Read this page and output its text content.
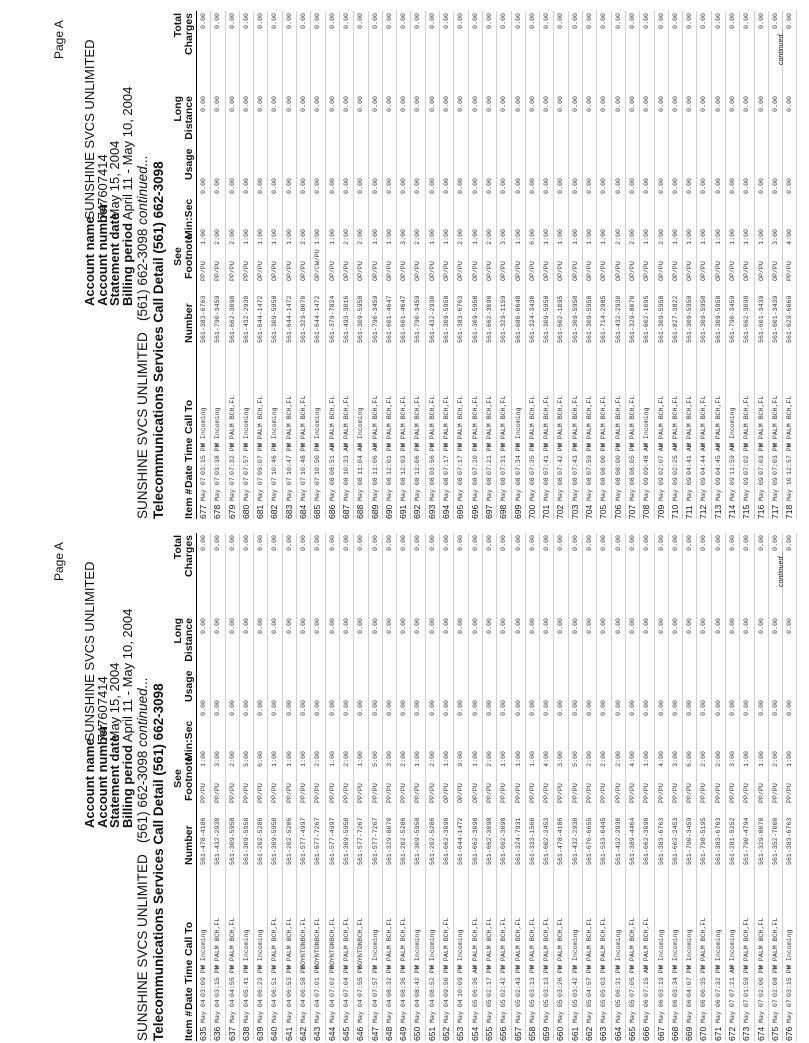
Page A
Account name SUNSHINE SVCS UNLIMITED
Account number 747607414
Statement date May 15, 2004
Billing period April 11 - May 10, 2004
SUNSHINE SVCS UNLIMITED   (561) 662-3098 continued... Telecommunications Services Call Detail (561) 662-3098 Item #
Date
Time
Call To
Number
See
Footnote
Min:Sec
Usage
Long
Distance
Total
Charges
635
May 04
03:09 PM
W Incoming
561-478-4186
PP/PU
1:00
0.00
0.00
0.00
636
May 04
03:15 PM
W PALM BCH,FL
561-432-2930
PP/PU
3:00
0.00
0.00
0.00
637
May 04
04:55 PM
W PALM BCH,FL
561-309-5958
PP/PU
2:00
0.00
0.00
0.00
638
May 04
05:41 PM
W Incoming
561-309-5958
PP/PU
5:00
0.00
0.00
0.00
639
May 04
06:23 PM
W Incoming
561-202-5286
PP/PU
6:00
0.00
0.00
0.00
640
May 04
06:51 PM
W PALM BCH,FL
561-309-5958
PP/PU
1:00
0.00
0.00
0.00
641
May 04
06:53 PM
W PALM BCH,FL
561-202-5286
PP/PU
1:00
0.00
0.00
0.00
642
May 04
06:58 PM
BOYNTONBCH,FL
561-577-4997
PP/PU
1:00
0.00
0.00
0.00
643
May 04
07:01 PM
BOYNTONBCH,FL
561-577-7267
PP/PU
2:00
0.00
0.00
0.00
644
May 04
07:02 PM
BOYNTONBCH,FL
561-577-4997
PP/PU
1:00
0.00
0.00
0.00
645
May 04
07:04 PM
W PALM BCH,FL
561-309-5958
PP/PU
2:00
0.00
0.00
0.00
646
May 04
07:55 PM
BOYNTONBCH,FL
561-577-7267
PP/PU
1:00
0.00
0.00
0.00
647
May 04
07:57 PM
W Incoming
561-577-7267
PP/PU
5:00
0.00
0.00
0.00
648
May 04
08:32 PM
W PALM BCH,FL
561-329-8070
PP/PU
3:00
0.00
0.00
0.00
649
May 04
08:36 PM
W PALM BCH,FL
561-202-5286
PP/PU
2:00
0.00
0.00
0.00
650
May 04
08:42 PM
W Incoming
561-309-5958
PP/PU
1:00
0.00
0.00
0.00
651
May 04
08:52 PM
W Incoming
561-202-5286
PP/PU
2:00
0.00
0.00
0.00
652
May 04
09:50 PM
W PALM BCH,FL
561-662-3098
OP/PU
1:00
0.00
0.00
0.00
653
May 04
10:09 PM
W Incoming
561-644-1472
OP/PU
9:00
0.00
0.00
0.00
654
May 05
06:36 AM
W PALM BCH,FL
561-662-3098
OP/PU
1:00
0.00
0.00
0.00
655
May 05
02:17 PM
W PALM BCH,FL
561-662-3098
PP/PU
2:00
0.00
0.00
0.00
656
May 05
02:42 PM
W PALM BCH,FL
561-662-3098
PP/PU
1:00
0.00
0.00
0.00
657
May 05
02:43 PM
W PALM BCH,FL
561-324-7931
PP/PU
1:00
0.00
0.00
0.00
658
May 05
03:13 PM
W PALM BCH,FL
561-333-1560
PP/PU
1:00
0.00
0.00
0.00
659
May 05
03:13 PM
W PALM BCH,FL
561-602-2453
PP/PU
4:00
0.00
0.00
0.00
660
May 05
03:26 PM
W PALM BCH,FL
561-478-4186
PP/PU
3:00
0.00
0.00
0.00
661
May 05
03:42 PM
W Incoming
561-432-2930
PP/PU
5:00
0.00
0.00
0.00
662
May 05
04:57 PM
W PALM BCH,FL
561-676-6655
PP/PU
2:00
0.00
0.00
0.00
663
May 05
05:03 PM
W PALM BCH,FL
561-533-0445
PP/PU
2:00
0.00
0.00
0.00
664
May 05
06:31 PM
W Incoming
561-432-2930
PP/PU
2:00
0.00
0.00
0.00
665
May 05
07:05 PM
W PALM BCH,FL
561-389-4464
PP/PU
4:00
0.00
0.00
0.00
666
May 06
07:15 AM
W PALM BCH,FL
561-662-3098
PP/PU
1:00
0.00
0.00
0.00
667
May 06
03:19 PM
W Incoming
561-383-6763
PP/PU
4:00
0.00
0.00
0.00
668
May 06
03:34 PM
W Incoming
561-602-2453
PP/PU
3:00
0.00
0.00
0.00
669
May 06
04:07 PM
W Incoming
561-790-3459
PP/PU
6:00
0.00
0.00
0.00
670
May 06
06:35 PM
W PALM BCH,FL
561-798-5195
PP/PU
2:00
0.00
0.00
0.00
671
May 06
07:32 PM
W Incoming
561-383-6763
PP/PU
2:00
0.00
0.00
0.00
672
May 07
07:21 AM
W Incoming
561-281-5252
PP/PU
3:00
0.00
0.00
0.00
673
May 07
01:59 PM
W PALM BCH,FL
561-790-4794
PP/PU
1:00
0.00
0.00
0.00
674
May 07
02:00 PM
W PALM BCH,FL
561-329-8070
PP/PU
1:00
0.00
0.00
0.00
675
May 07
02:08 PM
W PALM BCH,FL
561-352-7000
PP/PU
2:00
0.00
0.00
0.00
676
May 07
03:15 PM
W Incoming
561-383-6763
PP/PU
1:00
0.00
0.00
0.00
continued...
Page A
Account name SUNSHINE SVCS UNLIMITED
Account number 747607414
Statement date May 15, 2004
Billing period April 11 - May 10, 2004
SUNSHINE SVCS UNLIMITED   (561) 662-3098 continued... Telecommunications Services Call Detail (561) 662-3098 Item #
Date
Time
Call To
Number
See
Footnote
Min:Sec
Usage
Long
Distance
Total
Charges
677
May 07
03:15 PM
W Incoming
561-383-6763
PP/PU
1:00
0.00
0.00
0.00
678
May 07
03:38 PM
W Incoming
561-790-3459
PP/PU
2:00
0.00
0.00
0.00
679
May 07
07:32 PM
W PALM BCH,FL
561-662-3098
PP/PU
2:00
0.00
0.00
0.00
680
May 07
07:57 PM
W Incoming
561-432-2930
PP/PU
1:00
0.00
0.00
0.00
681
May 07
09:07 PM
W PALM BCH,FL
561-644-1472
OP/PU
1:00
0.00
0.00
0.00
682
May 07
10:46 PM
W Incoming
561-309-5958
OP/PU
1:00
0.00
0.00
0.00
683
May 07
10:47 PM
W PALM BCH,FL
561-644-1472
OP/PU
1:00
0.00
0.00
0.00
684
May 07
10:48 PM
W PALM BCH,FL
561-329-8070
OP/PU
2:00
0.00
0.00
0.00
685
May 07
10:50 PM
W Incoming
561-644-1472
OP/CW/PU
1:00
0.00
0.00
0.00
686
May 08
08:51 AM
W PALM BCH,FL
561-379-7824
OP/PU
1:00
0.00
0.00
0.00
687
May 08
10:33 AM
W PALM BCH,FL
561-493-3016
OP/PU
2:00
0.00
0.00
0.00
688
May 08
11:04 AM
W Incoming
561-309-5958
OP/PU
2:00
0.00
0.00
0.00
689
May 08
11:06 AM
W PALM BCH,FL
561-790-3459
OP/PU
1:00
0.00
0.00
0.00
690
May 08
12:01 PM
W PALM BCH,FL
561-601-4647
OP/PU
1:00
0.00
0.00
0.00
691
May 08
12:03 PM
W PALM BCH,FL
561-601-4647
OP/PU
3:00
0.00
0.00
0.00
692
May 08
12:06 PM
W PALM BCH,FL
561-790-3459
OP/PU
2:00
0.00
0.00
0.00
693
May 08
03:56 PM
W PALM BCH,FL
561-432-2930
OP/PU
1:00
0.00
0.00
0.00
694
May 08
07:17 PM
W PALM BCH,FL
561-309-5958
OP/PU
1:00
0.00
0.00
0.00
695
May 08
07:17 PM
W PALM BCH,FL
561-383-6763
OP/PU
2:00
0.00
0.00
0.00
696
May 08
07:20 PM
W PALM BCH,FL
561-309-5958
OP/PU
1:00
0.00
0.00
0.00
697
May 08
07:21 PM
W PALM BCH,FL
561-662-3098
OP/PU
2:00
0.00
0.00
0.00
698
May 08
07:31 PM
W PALM BCH,FL
561-329-1159
OP/PU
3:00
0.00
0.00
0.00
699
May 08
07:34 PM
W Incoming
561-686-0648
OP/PU
1:00
0.00
0.00
0.00
700
May 08
07:35 PM
W PALM BCH,FL
561-324-3430
OP/PU
6:00
0.00
0.00
0.00
701
May 08
07:41 PM
W PALM BCH,FL
561-309-5958
OP/PU
1:00
0.00
0.00
0.00
702
May 08
07:42 PM
W PALM BCH,FL
561-602-1095
OP/PU
1:00
0.00
0.00
0.00
703
May 08
07:43 PM
W PALM BCH,FL
561-309-5958
OP/PU
1:00
0.00
0.00
0.00
704
May 08
07:59 PM
W PALM BCH,FL
561-309-5958
OP/PU
1:00
0.00
0.00
0.00
705
May 08
08:00 PM
W PALM BCH,FL
561-714-2985
OP/PU
1:00
0.00
0.00
0.00
706
May 08
08:00 PM
W PALM BCH,FL
561-432-2930
OP/PU
2:00
0.00
0.00
0.00
707
May 08
08:05 PM
W PALM BCH,FL
561-329-8070
OP/PU
2:00
0.00
0.00
0.00
708
May 09
09:48 AM
W Incoming
561-602-1095
OP/PU
1:00
0.00
0.00
0.00
709
May 09
02:07 AM
W PALM BCH,FL
561-309-5958
OP/PU
2:00
0.00
0.00
0.00
710
May 09
02:25 AM
W PALM BCH,FL
561-827-3822
OP/PU
1:00
0.00
0.00
0.00
711
May 09
04:41 AM
W PALM BCH,FL
561-309-5958
OP/PU
1:00
0.00
0.00
0.00
712
May 09
04:44 AM
W PALM BCH,FL
561-309-5958
OP/PU
1:00
0.00
0.00
0.00
713
May 09
04:45 AM
W PALM BCH,FL
561-309-5958
OP/PU
1:00
0.00
0.00
0.00
714
May 09
11:59 AM
W Incoming
561-790-3459
OP/PU
1:00
0.00
0.00
0.00
715
May 09
07:02 PM
W PALM BCH,FL
561-662-3098
OP/PU
1:00
0.00
0.00
0.00
716
May 09
07:03 PM
W PALM BCH,FL
561-601-3439
OP/PU
1:00
0.00
0.00
0.00
717
May 09
07:03 PM
W PALM BCH,FL
561-601-3439
OP/PU
3:00
0.00
0.00
0.00
718
May 10
12:57 PM
W PALM BCH,FL
561-629-6069
PP/PU
4:00
0.00
0.00
0.00
continued...
